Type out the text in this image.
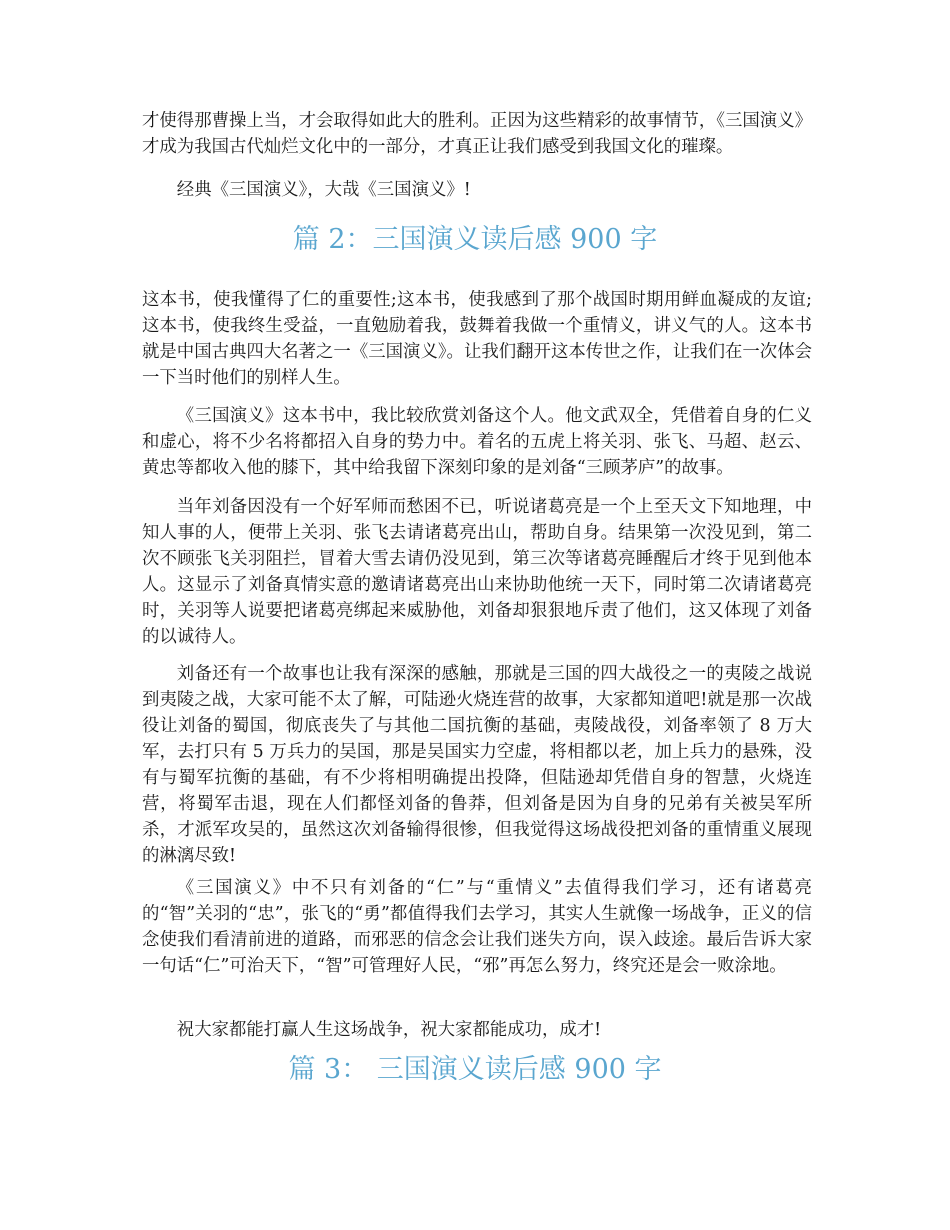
才使得那曹操上当，才会取得如此大的胜利。正因为这些精彩的故事情节，《三国演义》才成为我国古代灿烂文化中的一部分，才真正让我们感受到我国文化的璀璨。

经典《三国演义》，大哉《三国演义》!

篇 2：三国演义读后感 900 字

这本书，使我懂得了仁的重要性;这本书，使我感到了那个战国时期用鲜血凝成的友谊;这本书，使我终生受益，一直勉励着我，鼓舞着我做一个重情义，讲义气的人。这本书就是中国古典四大名著之一《三国演义》。让我们翻开这本传世之作，让我们在一次体会一下当时他们的别样人生。

《三国演义》这本书中，我比较欣赏刘备这个人。他文武双全，凭借着自身的仁义和虚心，将不少名将都招入自身的势力中。着名的五虎上将关羽、张飞、马超、赵云、黄忠等都收入他的膝下，其中给我留下深刻印象的是刘备“三顾茅庐”的故事。

当年刘备因没有一个好军师而愁困不已，听说诸葛亮是一个上至天文下知地理，中知人事的人，便带上关羽、张飞去请诸葛亮出山，帮助自身。结果第一次没见到，第二次不顾张飞关羽阻拦，冒着大雪去请仍没见到，第三次等诸葛亮睡醒后才终于见到他本人。这显示了刘备真情实意的邀请诸葛亮出山来协助他统一天下，同时第二次请诸葛亮时，关羽等人说要把诸葛亮绑起来威胁他，刘备却狠狠地斥责了他们，这又体现了刘备的以诚待人。

刘备还有一个故事也让我有深深的感触，那就是三国的四大战役之一的夷陵之战说到夷陵之战，大家可能不太了解，可陆逊火烧连营的故事，大家都知道吧!就是那一次战役让刘备的蜀国，彻底丧失了与其他二国抗衡的基础，夷陵战役，刘备率领了 8 万大军，去打只有 5 万兵力的吴国，那是吴国实力空虚，将相都以老，加上兵力的悬殊，没有与蜀军抗衡的基础，有不少将相明确提出投降，但陆逊却凭借自身的智慧，火烧连营，将蜀军击退，现在人们都怪刘备的鲁莽，但刘备是因为自身的兄弟有关被吴军所杀，才派军攻吴的，虽然这次刘备输得很惨，但我觉得这场战役把刘备的重情重义展现的淋漓尽致!

《三国演义》中不只有刘备的“仁”与“重情义”去值得我们学习，还有诸葛亮的“智”关羽的“忠”，张飞的“勇”都值得我们去学习，其实人生就像一场战争，正义的信念使我们看清前进的道路，而邪恶的信念会让我们迷失方向，误入歧途。最后告诉大家一句话“仁”可治天下，“智”可管理好人民，“邪”再怎么努力，终究还是会一败涂地。

祝大家都能打赢人生这场战争，祝大家都能成功，成才!

篇 3： 三国演义读后感 900 字
